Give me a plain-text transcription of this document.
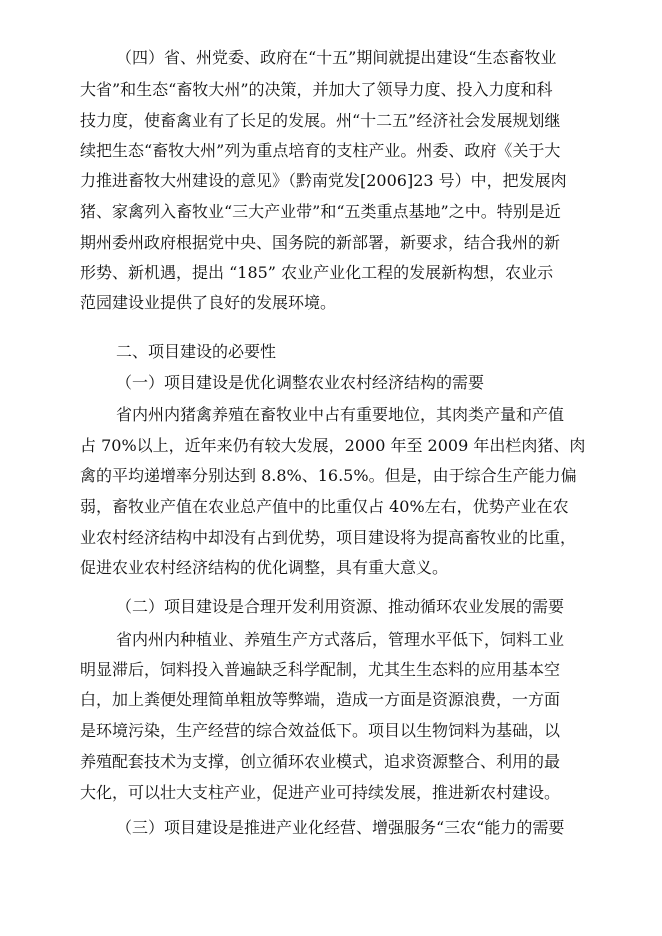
（四）省、州党委、政府在“十五”期间就提出建设“生态畜牧业
大省”和生态“畜牧大州”的决策，并加大了领导力度、投入力度和科
技力度，使畜禽业有了长足的发展。州“十二五”经济社会发展规划继
续把生态“畜牧大州”列为重点培育的支柱产业。州委、政府《关于大
力推进畜牧大州建设的意见》（黔南党发[2006]23 号）中，把发展肉
猪、家禽列入畜牧业“三大产业带”和“五类重点基地”之中。特别是近
期州委州政府根据党中央、国务院的新部署，新要求，结合我州的新
形势、新机遇，提出 “185” 农业产业化工程的发展新构想，农业示
范园建设业提供了良好的发展环境。
二、项目建设的必要性
（一）项目建设是优化调整农业农村经济结构的需要
省内州内猪禽养殖在畜牧业中占有重要地位，其肉类产量和产值
占 70%以上，近年来仍有较大发展，2000 年至 2009 年出栏肉猪、肉
禽的平均递增率分别达到 8.8%、16.5%。但是，由于综合生产能力偏
弱，畜牧业产值在农业总产值中的比重仅占 40%左右，优势产业在农
业农村经济结构中却没有占到优势，项目建设将为提高畜牧业的比重，
促进农业农村经济结构的优化调整，具有重大意义。
（二）项目建设是合理开发利用资源、推动循环农业发展的需要
省内州内种植业、养殖生产方式落后，管理水平低下，饲料工业
明显滞后，饲料投入普遍缺乏科学配制，尤其生生态料的应用基本空
白，加上粪便处理简单粗放等弊端，造成一方面是资源浪费，一方面
是环境污染，生产经营的综合效益低下。项目以生物饲料为基础，以
养殖配套技术为支撑，创立循环农业模式，追求资源整合、利用的最
大化，可以壮大支柱产业，促进产业可持续发展，推进新农村建设。
（三）项目建设是推进产业化经营、增强服务“三农“能力的需要
